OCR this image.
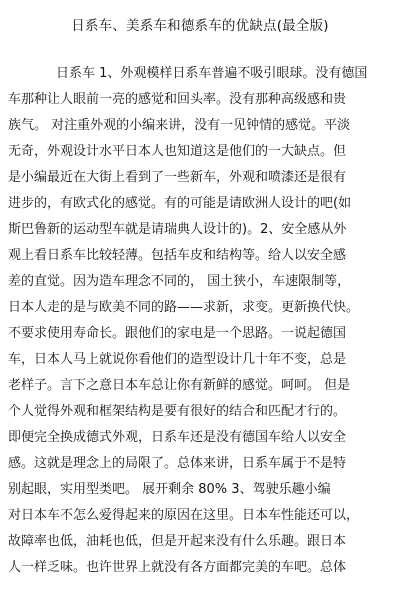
日系车、美系车和德系车的优缺点(最全版)
日系车 1、外观模样日系车普遍不吸引眼球。没有德国
车那种让人眼前一亮的感觉和回头率。没有那种高级感和贵
族气。 对注重外观的小编来讲，没有一见钟情的感觉。平淡
无奇，外观设计水平日本人也知道这是他们的一大缺点。但
是小编最近在大街上看到了一些新车，外观和喷漆还是很有
进步的，有欧式化的感觉。有的可能是请欧洲人设计的吧(如
斯巴鲁新的运动型车就是请瑞典人设计的)。2、安全感从外
观上看日系车比较轻薄。包括车皮和结构等。给人以安全感
差的直觉。因为造车理念不同的， 国土狭小，车速限制等，
日本人走的是与欧美不同的路——求新，求变。更新换代快。
不要求使用寿命长。跟他们的家电是一个思路。一说起德国
车，日本人马上就说你看他们的造型设计几十年不变，总是
老样子。言下之意日本车总让你有新鲜的感觉。呵呵。 但是
个人觉得外观和框架结构是要有很好的结合和匹配才行的。
即便完全换成德式外观，日系车还是没有德国车给人以安全
感。这就是理念上的局限了。总体来讲，日系车属于不是特
别起眼，实用型类吧。 展开剩余 80% 3、驾驶乐趣小编
对日本车不怎么爱得起来的原因在这里。日本车性能还可以，
故障率也低，油耗也低，但是开起来没有什么乐趣。跟日本
人一样乏味。也许世界上就没有各方面都完美的车吧。总体
